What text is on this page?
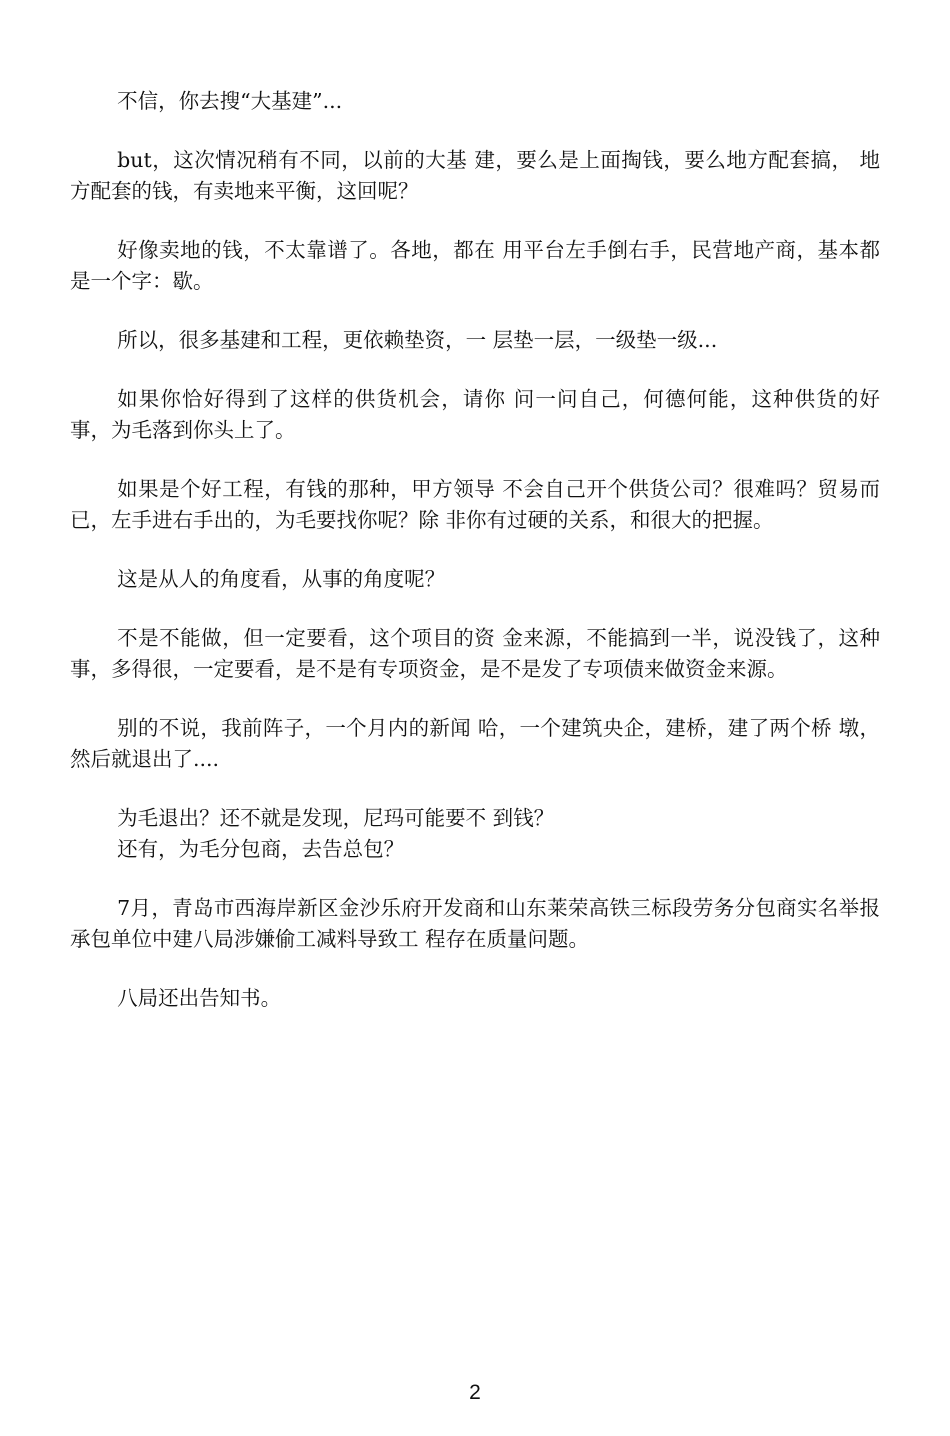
不信，你去搜“大基建”...

but，这次情况稍有不同，以前的大基 建，要么是上面掏钱，要么地方配套搞， 地方配套的钱，有卖地来平衡，这回呢？

好像卖地的钱，不太靠谱了。各地，都在 用平台左手倒右手，民营地产商，基本都 是一个字：歇。

所以，很多基建和工程，更依赖垫资，一 层垫一层，一级垫一级...

如果你恰好得到了这样的供货机会，请你 问一问自己，何德何能，这种供货的好 事，为毛落到你头上了。

如果是个好工程，有钱的那种，甲方领导 不会自己开个供货公司？很难吗？贸易而 已，左手进右手出的，为毛要找你呢？除 非你有过硬的关系，和很大的把握。

这是从人的角度看，从事的角度呢？

不是不能做，但一定要看，这个项目的资 金来源，不能搞到一半，说没钱了，这种 事，多得很，一定要看，是不是有专项资金，是不是发了专项债来做资金来源。

别的不说，我前阵子，一个月内的新闻 哈，一个建筑央企，建桥，建了两个桥 墩，然后就退出了....

为毛退出？还不就是发现，尼玛可能要不 到钱？

还有，为毛分包商，去告总包？

7月，青岛市西海岸新区金沙乐府开发商和山东莱荣高铁三标段劳务分包商实名举报承包单位中建八局涉嫌偷工减料导致工 程存在质量问题。

八局还出告知书。

2
